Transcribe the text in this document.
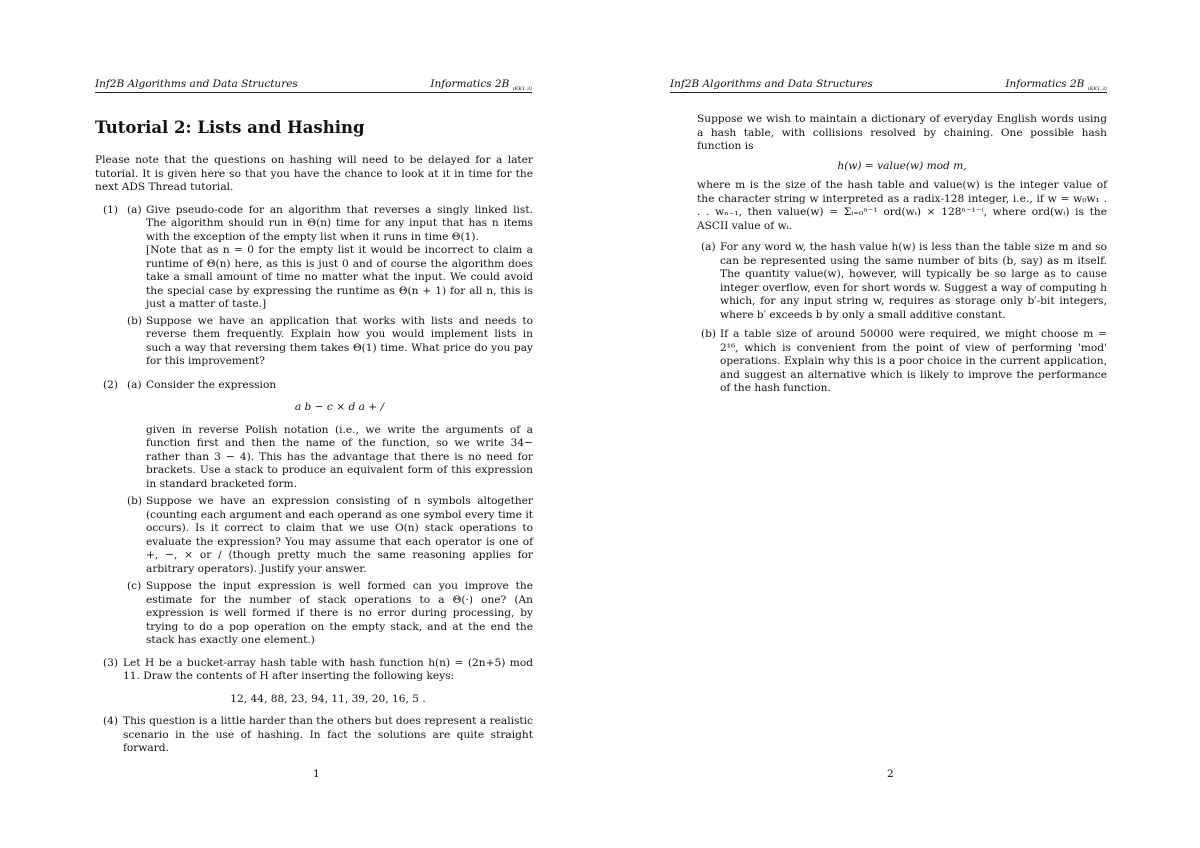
Inf2B Algorithms and Data Structures	Informatics 2B $_{(KK1.3)}$
Tutorial 2: Lists and Hashing

Please note that the questions on hashing will need to be delayed for a later tutorial. It is given here so that you have the chance to look at it in time for the next ADS Thread tutorial.

(1) (a) Give pseudo-code for an algorithm that reverses a singly linked list. The algorithm should run in Θ(n) time for any input that has n items with the exception of the empty list when it runs in time Θ(1).

[Note that as n = 0 for the empty list it would be incorrect to claim a runtime of Θ(n) here, as this is just 0 and of course the algorithm does take a small amount of time no matter what the input. We could avoid the special case by expressing the runtime as Θ(n + 1) for all n, this is just a matter of taste.]

(b) Suppose we have an application that works with lists and needs to reverse them frequently. Explain how you would implement lists in such a way that reversing them takes Θ(1) time. What price do you pay for this improvement?

(2) (a) Consider the expression

a b − c × d a + /

given in reverse Polish notation (i.e., we write the arguments of a function first and then the name of the function, so we write 34− rather than 3 − 4). This has the advantage that there is no need for brackets. Use a stack to produce an equivalent form of this expression in standard bracketed form.

(b) Suppose we have an expression consisting of n symbols altogether (counting each argument and each operand as one symbol every time it occurs). Is it correct to claim that we use O(n) stack operations to evaluate the expression? You may assume that each operator is one of +, −, × or / (though pretty much the same reasoning applies for arbitrary operators). Justify your answer.

(c) Suppose the input expression is well formed can you improve the estimate for the number of stack operations to a Θ(·) one? (An expression is well formed if there is no error during processing, by trying to do a pop operation on the empty stack, and at the end the stack has exactly one element.)

(3) Let H be a bucket-array hash table with hash function h(n) = (2n+5) mod 11. Draw the contents of H after inserting the following keys:

12, 44, 88, 23, 94, 11, 39, 20, 16, 5 .
(4) This question is a little harder than the others but does represent a realistic scenario in the use of hashing. In fact the solutions are quite straight forward.

1
Inf2B Algorithms and Data Structures	Informatics 2B $_{(KK1.3)}$

Suppose we wish to maintain a dictionary of everyday English words using a hash table, with collisions resolved by chaining. One possible hash function is

h(w) = value(w) mod m,

where m is the size of the hash table and value(w) is the integer value of the character string w interpreted as a radix-128 integer, i.e., if w = w₀w₁ . . . wₙ₋₁, then value(w) = Σᵢ₌₀ⁿ⁻¹ ord(wᵢ) × 128ⁿ⁻¹⁻ⁱ, where ord(wᵢ) is the ASCII value of wᵢ.

(a) For any word w, the hash value h(w) is less than the table size m and so can be represented using the same number of bits (b, say) as m itself. The quantity value(w), however, will typically be so large as to cause integer overflow, even for short words w. Suggest a way of computing h which, for any input string w, requires as storage only b′-bit integers, where b′ exceeds b by only a small additive constant.

(b) If a table size of around 50000 were required, we might choose m = 2¹⁶, which is convenient from the point of view of performing 'mod' operations. Explain why this is a poor choice in the current application, and suggest an alternative which is likely to improve the performance of the hash function.

2
